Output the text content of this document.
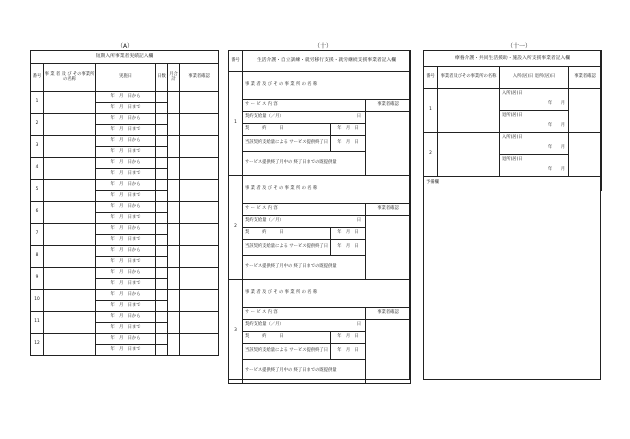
（A）
短期入所事業者実績記入欄					
番号	事 業 者 及 び その事業所の名称	実施日	日数	月合計	事業者確認
1		年　月　日から			
		年　月　日まで			
2		年　月　日から			
		年　月　日まで			
3		年　月　日から			
		年　月　日まで			
4		年　月　日から			
		年　月　日まで			
5		年　月　日から			
		年　月　日まで			
6		年　月　日から			
		年　月　日まで			
7		年　月　日から			
		年　月　日まで			
8		年　月　日から			
		年　月　日まで			
9		年　月　日から			
		年　月　日まで			
10		年　月　日から			
		年　月　日まで			
11		年　月　日から			
		年　月　日まで			
12		年　月　日から			
		年　月　日まで			
（十）
番号	生活介護・自立訓練・就労移行支援・就労継続支援事業者記入欄		
1	事 業 者 及 び そ の 事 業 所 の 名 称		
	サ ー ビ ス 内 容		事業者確認
	契約支給量（／月） 日		

	契　　　約　　　日	年　月　日	
	当該契約支給量による サービス提供終了日	年　月　日	
	サービス提供終了月中の 終了日までの既提供量		
2	事 業 者 及 び そ の 事 業 所 の 名 称		
	サ ー ビ ス 内 容		事業者確認
	契約支給量（／月） 日		

	契　　　約　　　日	年　月　日	
	当該契約支給量による サービス提供終了日	年　月　日	
	サービス提供終了月中の 終了日までの既提供量		
3	事 業 者 及 び そ の 事 業 所 の 名 称		
	サ ー ビ ス 内 容		事業者確認
	契約支給量（／月） 日		

	契　　　約　　　日	年　月　日	
	当該契約支給量による サービス提供終了日	年　月　日	
	サービス提供終了月中の 終了日までの既提供量		
（十一）
療養介護・共同生活援助・施設入所支援事業者記入欄			
番号	事業者及びその事業所の名称	入所(居)日 退所(居)日	事業者確認
1		入所(居)日	
		年　　月	
		退所(居)日	
		年　　月	
2		入所(居)日	
		年　　月	
		退所(居)日	
		年　　月	
予備欄			
